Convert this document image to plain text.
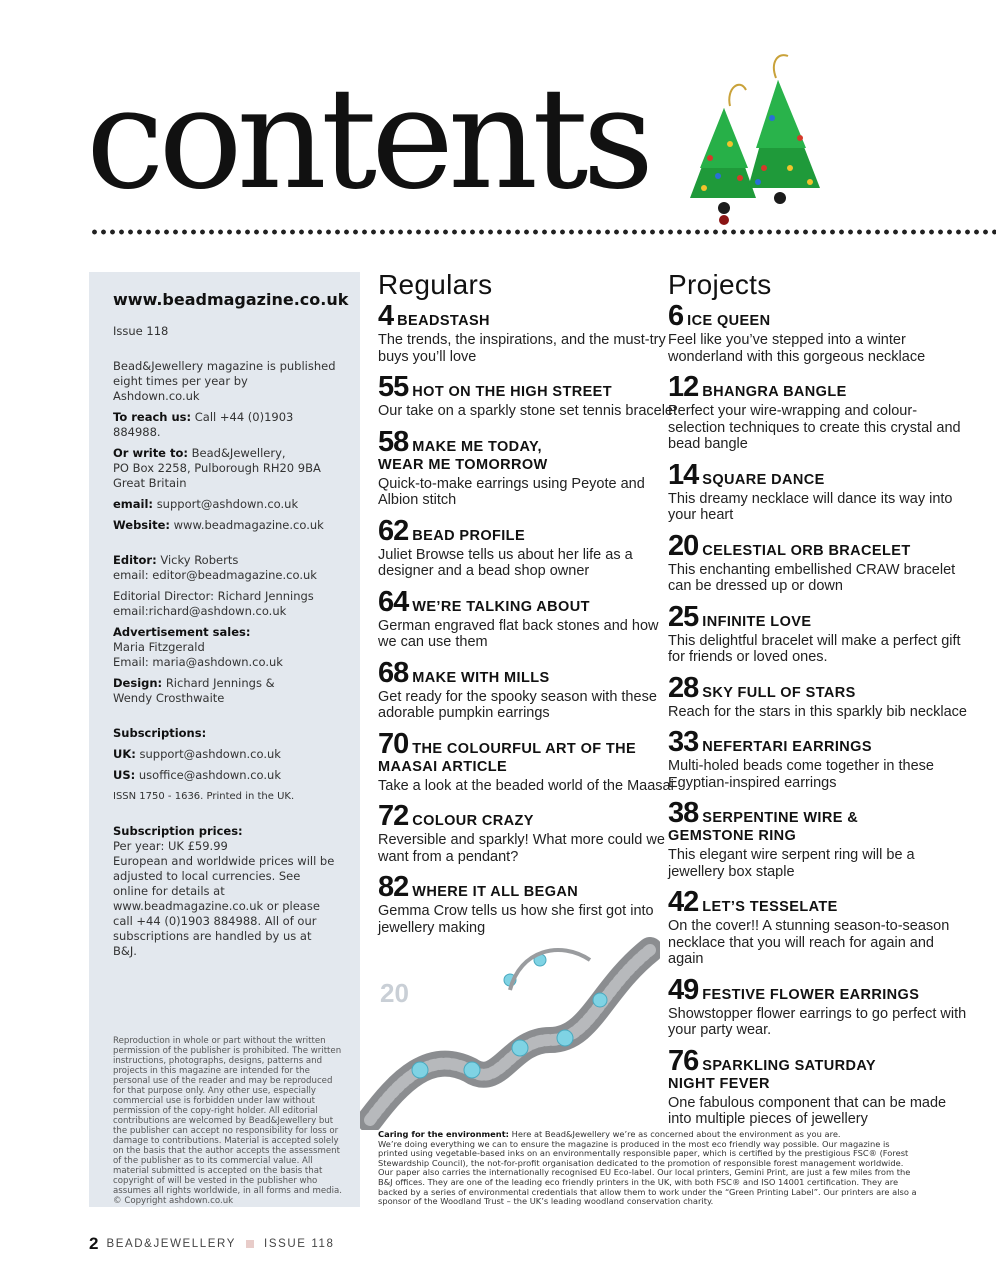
contents
www.beadmagazine.co.uk

Issue 118

Bead&Jewellery magazine is published eight times per year by Ashdown.co.uk

To reach us: Call +44 (0)1903 884988.

Or write to: Bead&Jewellery,
PO Box 2258, Pulborough RH20 9BA
Great Britain

email: support@ashdown.co.uk

Website: www.beadmagazine.co.uk

Editor: Vicky Roberts
email: editor@beadmagazine.co.uk

Editorial Director: Richard Jennings
email:richard@ashdown.co.uk

Advertisement sales:
Maria Fitzgerald
Email: maria@ashdown.co.uk

Design: Richard Jennings &
Wendy Crosthwaite

Subscriptions:

UK: support@ashdown.co.uk

US: usoffice@ashdown.co.uk

ISSN 1750 - 1636. Printed in the UK.

Subscription prices:
Per year: UK £59.99
European and worldwide prices will be adjusted to local currencies. See online for details at www.beadmagazine.co.uk or please call +44 (0)1903 884988. All of our subscriptions are handled by us at B&J.

Reproduction in whole or part without the written permission of the publisher is prohibited. The written instructions, photographs, designs, patterns and projects in this magazine are intended for the personal use of the reader and may be reproduced for that purpose only. Any other use, especially commercial use is forbidden under law without permission of the copy-right holder. All editorial contributions are welcomed by Bead&Jewellery but the publisher can accept no responsibility for loss or damage to contributions. Material is accepted solely on the basis that the author accepts the assessment of the publisher as to its commercial value. All material submitted is accepted on the basis that copyright of will be vested in the publisher who assumes all rights worldwide, in all forms and media. © Copyright ashdown.co.uk
Regulars
4 BEADSTASH
The trends, the inspirations, and the must-try buys you’ll love
55 HOT ON THE HIGH STREET
Our take on a sparkly stone set tennis bracelet
58 MAKE ME TODAY,
WEAR ME TOMORROW
Quick-to-make earrings using Peyote and Albion stitch
62 BEAD PROFILE
Juliet Browse tells us about her life as a designer and a bead shop owner
64 WE’RE TALKING ABOUT
German engraved flat back stones and how we can use them
68 MAKE WITH MILLS
Get ready for the spooky season with these adorable pumpkin earrings
70 THE COLOURFUL ART OF THE
MAASAI ARTICLE
Take a look at the beaded world of the Maasai
72 COLOUR CRAZY
Reversible and sparkly! What more could we want from a pendant?
82 WHERE IT ALL BEGAN
Gemma Crow tells us how she first got into jewellery making
Projects
6 ICE QUEEN
Feel like you’ve stepped into a winter wonderland with this gorgeous necklace
12 BHANGRA BANGLE
Perfect your wire-wrapping and colour-selection techniques to create this crystal and bead bangle
14 SQUARE DANCE
This dreamy necklace will dance its way into your heart
20 CELESTIAL ORB BRACELET
This enchanting embellished CRAW bracelet can be dressed up or down
25 INFINITE LOVE
This delightful bracelet will make a perfect gift for friends or loved ones.
28 SKY FULL OF STARS
Reach for the stars in this sparkly bib necklace
33 NEFERTARI EARRINGS
Multi-holed beads come together in these Egyptian-inspired earrings
38 SERPENTINE WIRE &
GEMSTONE RING
This elegant wire serpent ring will be a jewellery box staple
42 LET’S TESSELATE
On the cover!! A stunning season-to-season necklace that you will reach for again and again
49 FESTIVE FLOWER EARRINGS
Showstopper flower earrings to go perfect with your party wear.
76 SPARKLING SATURDAY
NIGHT FEVER
One fabulous component that can be made into multiple pieces of jewellery
20
Caring for the environment: Here at Bead&Jewellery we’re as concerned about the environment as you are.
We’re doing everything we can to ensure the magazine is produced in the most eco friendly way possible. Our magazine is printed using vegetable-based inks on an environmentally responsible paper, which is certified by the prestigious FSC® (Forest Stewardship Council), the not-for-profit organisation dedicated to the promotion of responsible forest management worldwide. Our paper also carries the internationally recognised EU Eco-label. Our local printers, Gemini Print, are just a few miles from the B&J offices. They are one of the leading eco friendly printers in the UK, with both FSC® and ISO 14001 certification. They are backed by a series of environmental credentials that allow them to work under the “Green Printing Label”. Our printers are also a sponsor of the Woodland Trust – the UK’s leading woodland conservation charity.
2 BEAD&JEWELLERY ISSUE 118
